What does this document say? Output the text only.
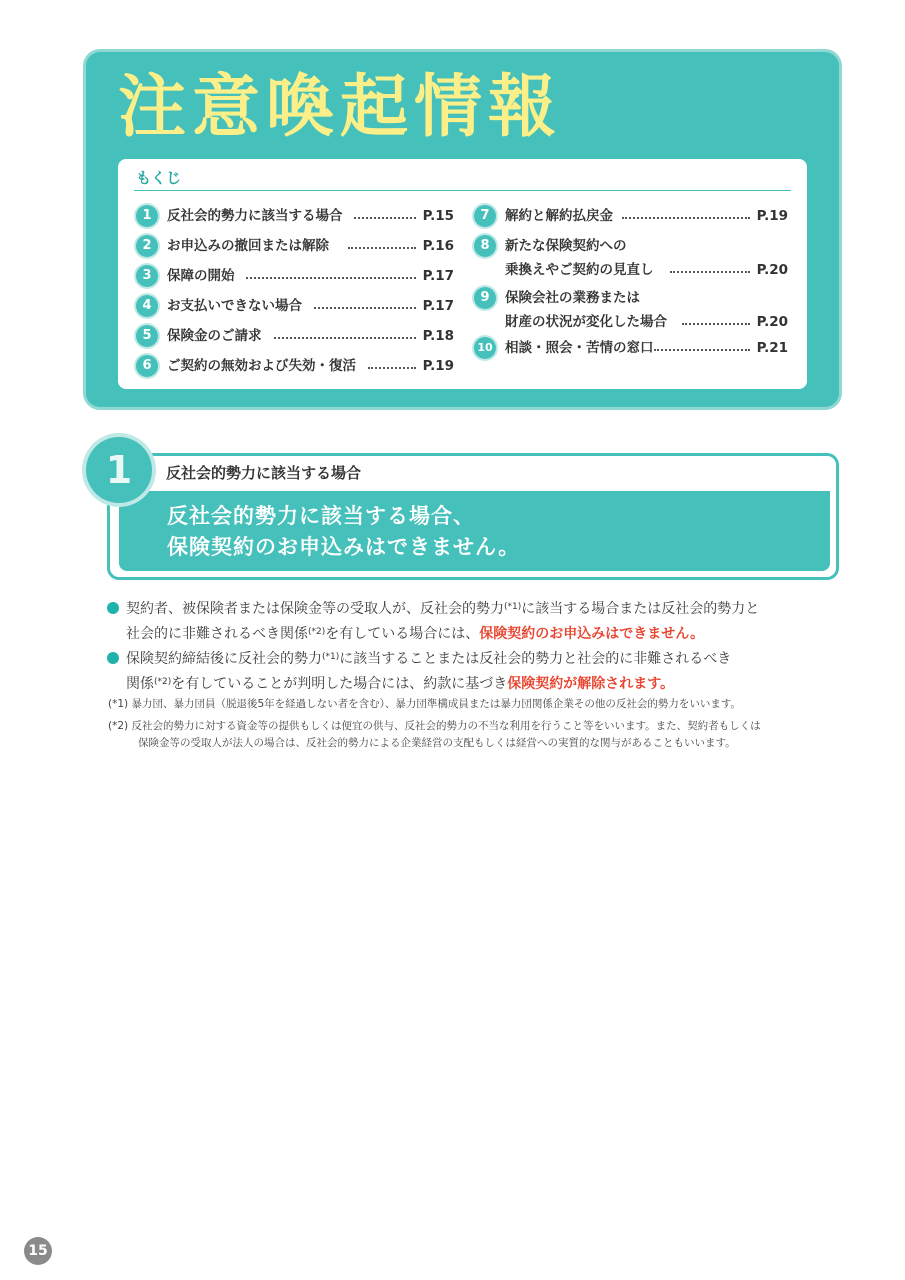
注意喚起情報
もくじ
1	反社会的勢力に該当する場合	P.15
2	お申込みの撤回または解除	P.16
3	保障の開始	P.17
4	お支払いできない場合	P.17
5	保険金のご請求	P.18
6	ご契約の無効および失効・復活	P.19
7	解約と解約払戻金	P.19
8	新たな保険契約への
乗換えやご契約の見直し	P.20
9	保険会社の業務または
財産の状況が変化した場合	P.20
10 相談・照会・苦情の窓口	P.21
反社会的勢力に該当する場合
反社会的勢力に該当する場合、
保険契約のお申込みはできません。
1
契約者、被保険者または保険金等の受取人が、反社会的勢力$^{(*1)}$に該当する場合または反社会的勢力と
社会的に非難されるべき関係$^{(*2)}$を有している場合には、保険契約のお申込みはできません。
保険契約締結後に反社会的勢力$^{(*1)}$に該当することまたは反社会的勢力と社会的に非難されるべき
関係$^{(*2)}$を有していることが判明した場合には、約款に基づき保険契約が解除されます。
(*1) 暴力団、暴力団員（脱退後5年を経過しない者を含む）、暴力団準構成員または暴力団関係企業その他の反社会的勢力をいいます。
(*2) 反社会的勢力に対する資金等の提供もしくは便宜の供与、反社会的勢力の不当な利用を行うこと等をいいます。また、契約者もしくは
保険金等の受取人が法人の場合は、反社会的勢力による企業経営の支配もしくは経営への実質的な関与があることもいいます。
15
